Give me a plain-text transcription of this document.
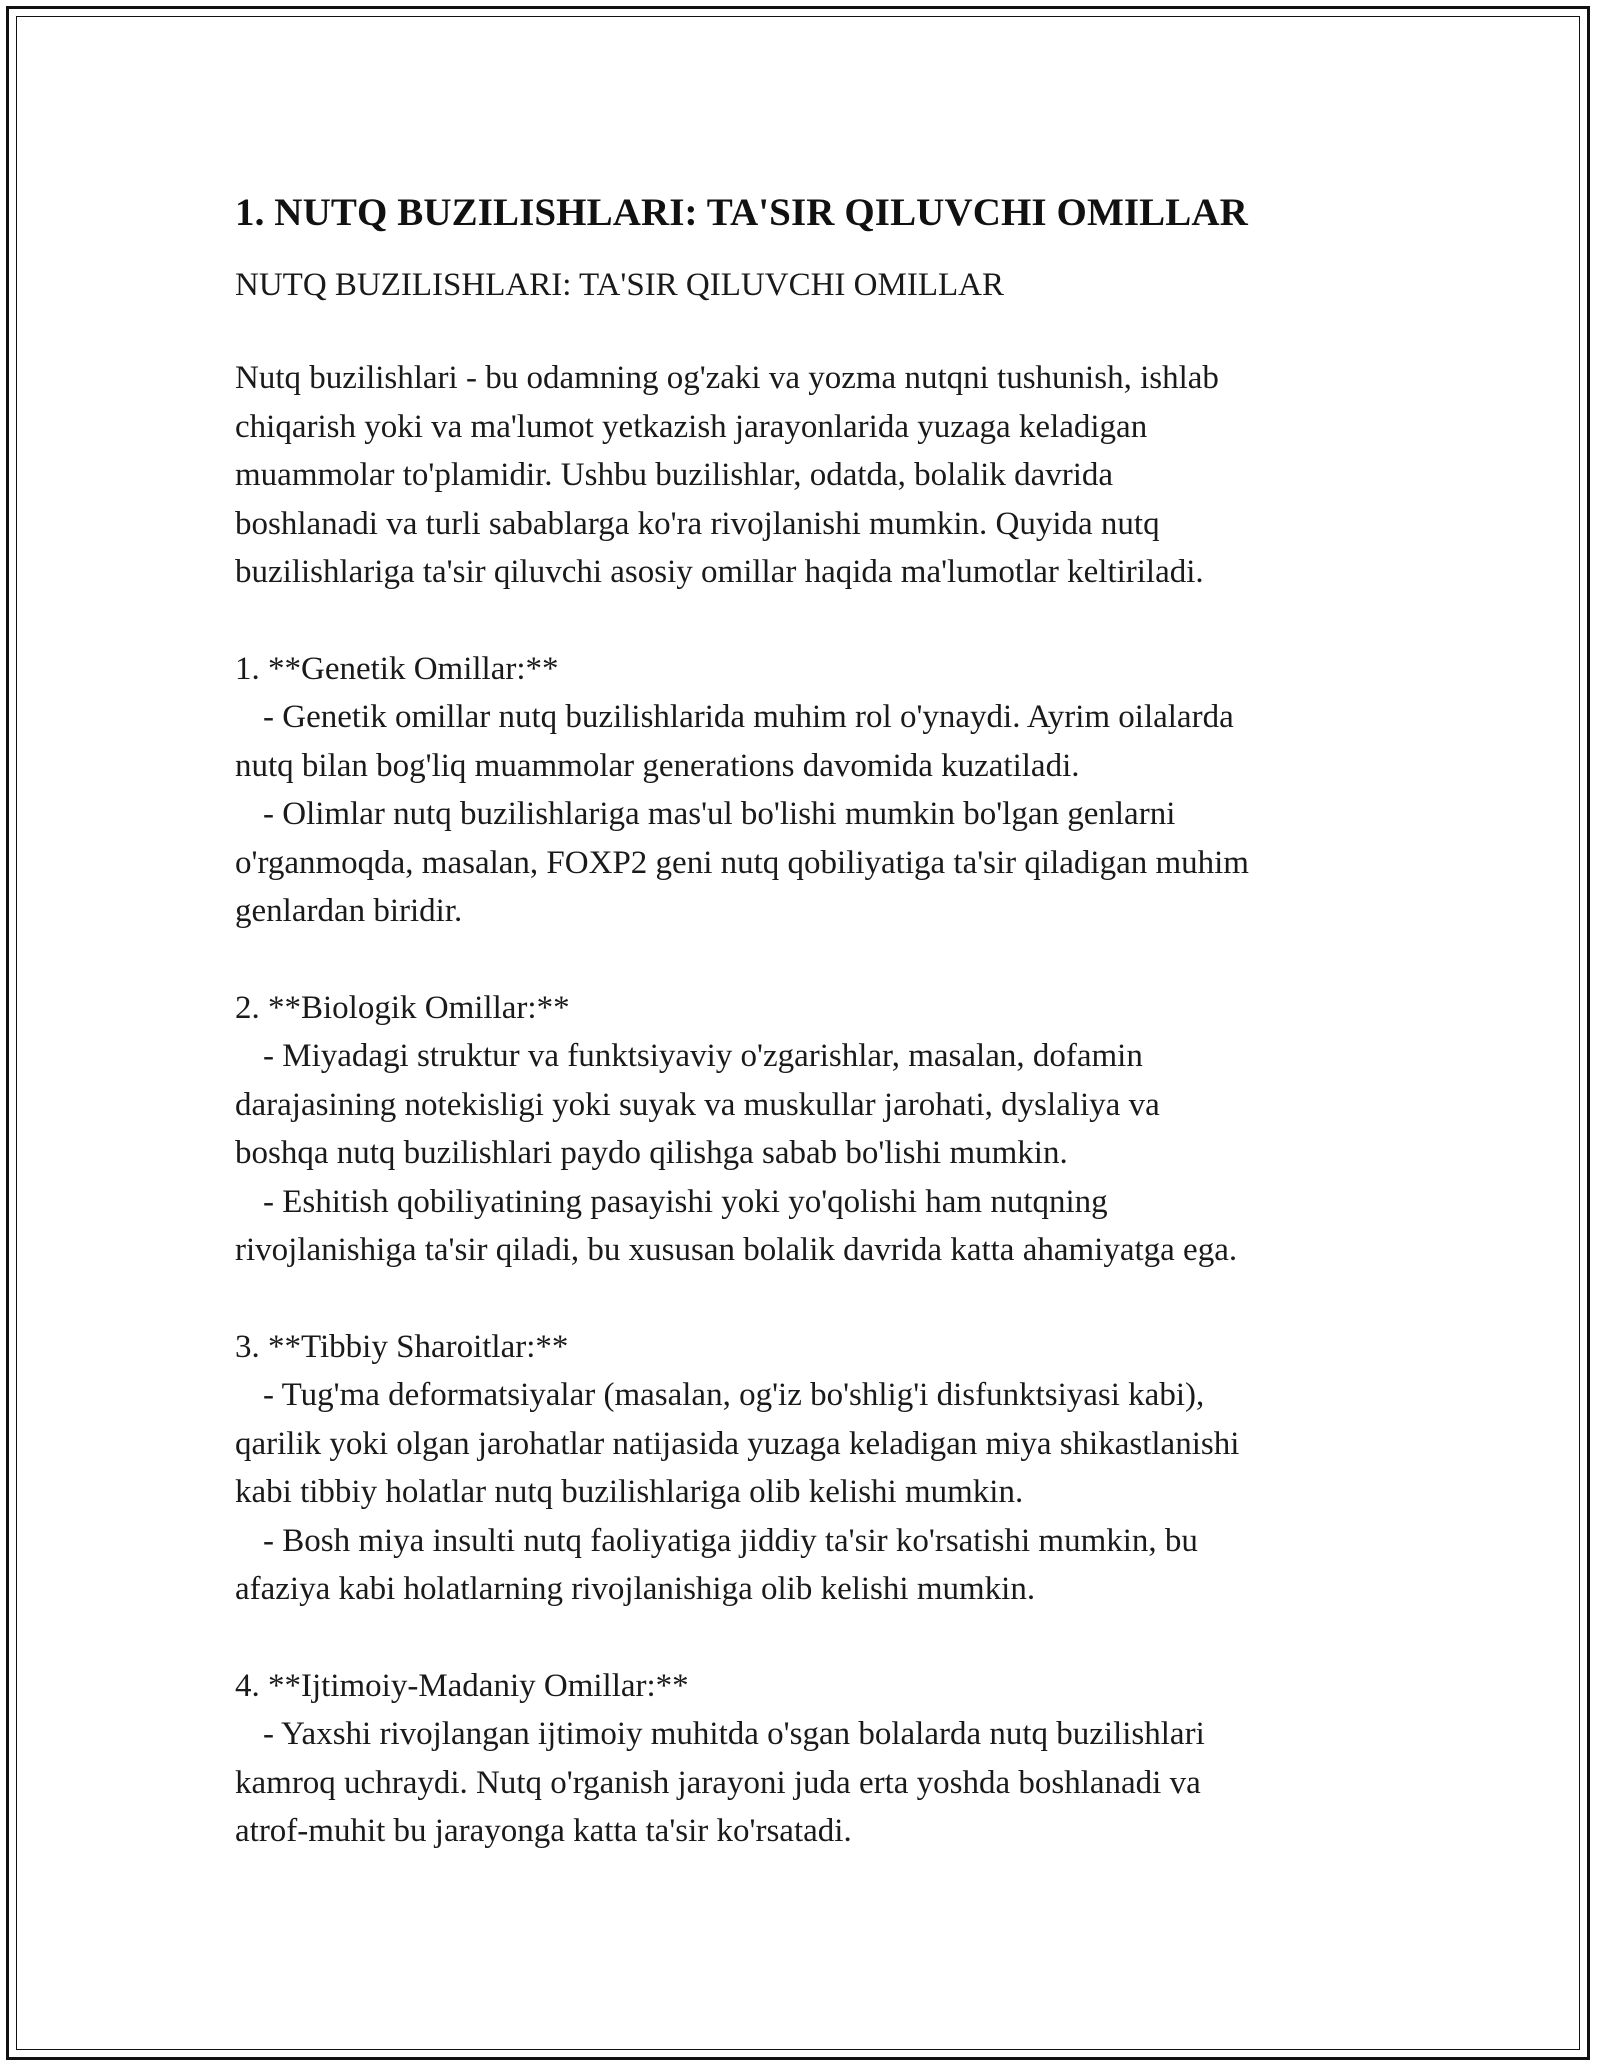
1. NUTQ BUZILISHLARI: TA'SIR QILUVCHI OMILLAR
NUTQ BUZILISHLARI: TA'SIR QILUVCHI OMILLAR
Nutq buzilishlari - bu odamning og'zaki va yozma nutqni tushunish, ishlab
chiqarish yoki va ma'lumot yetkazish jarayonlarida yuzaga keladigan
muammolar to'plamidir. Ushbu buzilishlar, odatda, bolalik davrida
boshlanadi va turli sabablarga ko'ra rivojlanishi mumkin. Quyida nutq
buzilishlariga ta'sir qiluvchi asosiy omillar haqida ma'lumotlar keltiriladi.
1. **Genetik Omillar:**
- Genetik omillar nutq buzilishlarida muhim rol o'ynaydi. Ayrim oilalarda
nutq bilan bog'liq muammolar generations davomida kuzatiladi.
- Olimlar nutq buzilishlariga mas'ul bo'lishi mumkin bo'lgan genlarni
o'rganmoqda, masalan, FOXP2 geni nutq qobiliyatiga ta'sir qiladigan muhim
genlardan biridir.
2. **Biologik Omillar:**
- Miyadagi struktur va funktsiyaviy o'zgarishlar, masalan, dofamin
darajasining notekisligi yoki suyak va muskullar jarohati, dyslaliya va
boshqa nutq buzilishlari paydo qilishga sabab bo'lishi mumkin.
- Eshitish qobiliyatining pasayishi yoki yo'qolishi ham nutqning
rivojlanishiga ta'sir qiladi, bu xususan bolalik davrida katta ahamiyatga ega.
3. **Tibbiy Sharoitlar:**
- Tug'ma deformatsiyalar (masalan, og'iz bo'shlig'i disfunktsiyasi kabi),
qarilik yoki olgan jarohatlar natijasida yuzaga keladigan miya shikastlanishi
kabi tibbiy holatlar nutq buzilishlariga olib kelishi mumkin.
- Bosh miya insulti nutq faoliyatiga jiddiy ta'sir ko'rsatishi mumkin, bu
afaziya kabi holatlarning rivojlanishiga olib kelishi mumkin.
4. **Ijtimoiy-Madaniy Omillar:**
- Yaxshi rivojlangan ijtimoiy muhitda o'sgan bolalarda nutq buzilishlari
kamroq uchraydi. Nutq o'rganish jarayoni juda erta yoshda boshlanadi va
atrof-muhit bu jarayonga katta ta'sir ko'rsatadi.
